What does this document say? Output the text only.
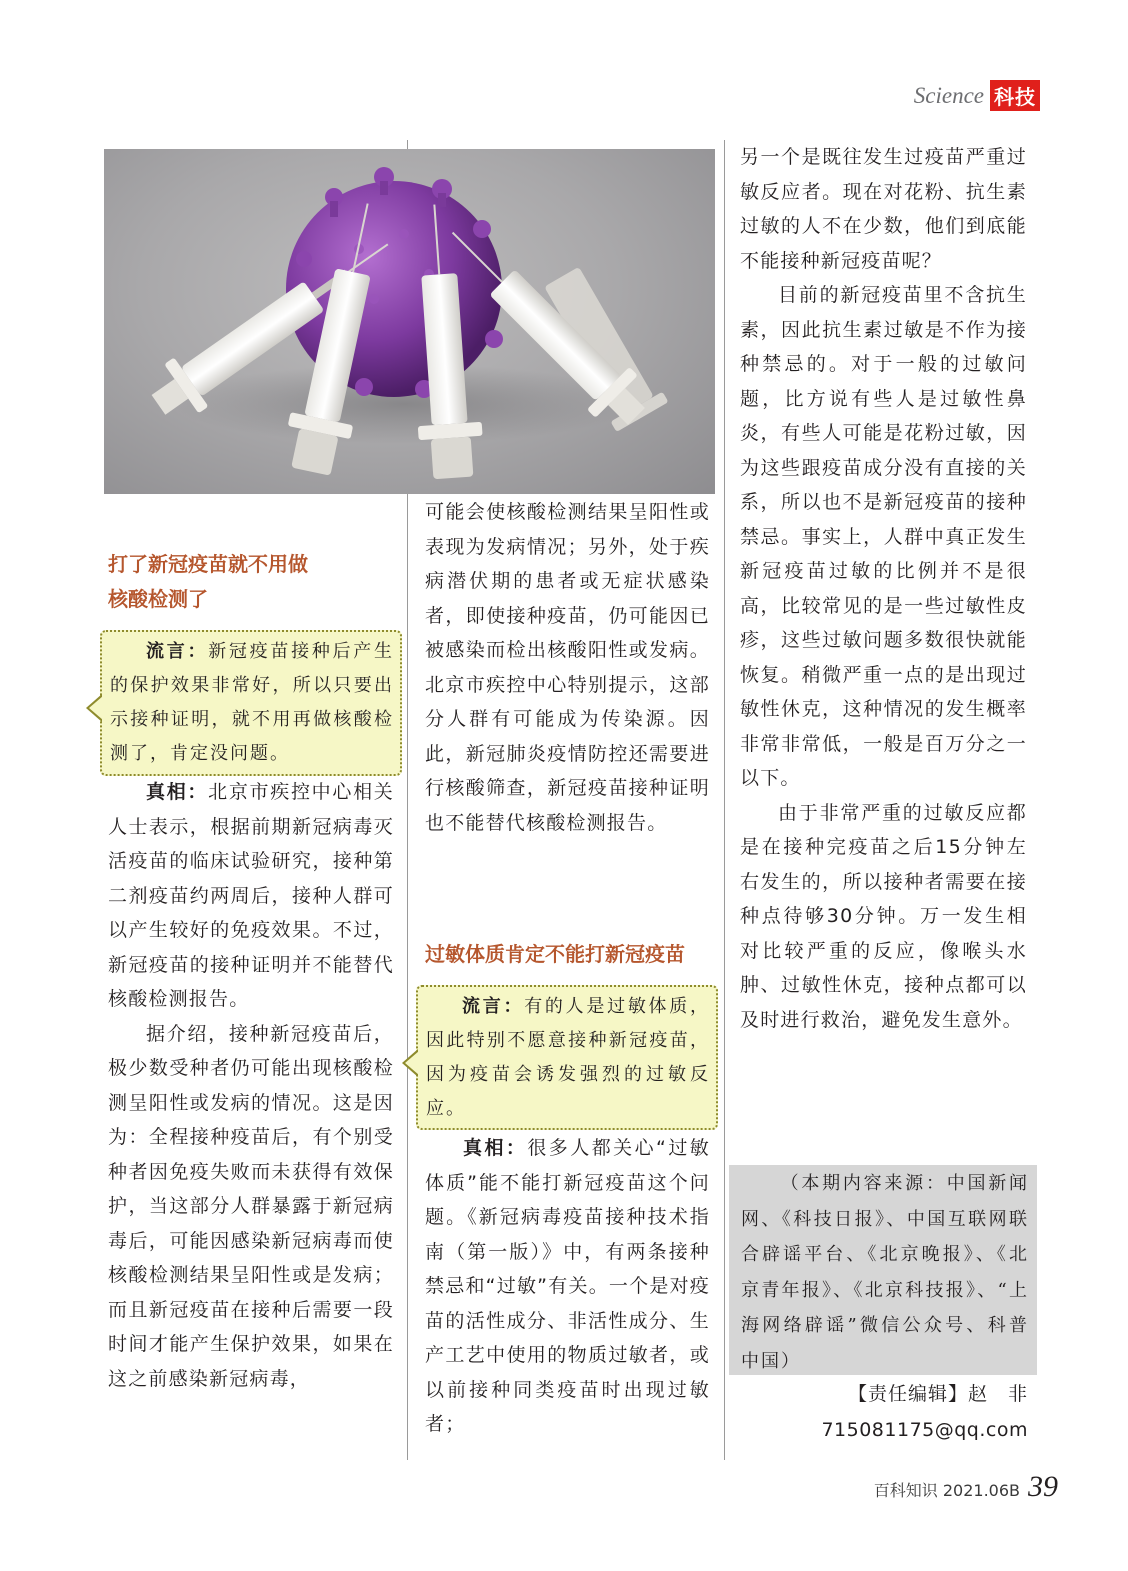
Science 科技
打了新冠疫苗就不用做
核酸检测了

流言：新冠疫苗接种后产生的保护效果非常好，所以只要出示接种证明，就不用再做核酸检测了，肯定没问题。

真相：北京市疾控中心相关人士表示，根据前期新冠病毒灭活疫苗的临床试验研究，接种第二剂疫苗约两周后，接种人群可以产生较好的免疫效果。不过，新冠疫苗的接种证明并不能替代核酸检测报告。

据介绍，接种新冠疫苗后，极少数受种者仍可能出现核酸检测呈阳性或发病的情况。这是因为：全程接种疫苗后，有个别受种者因免疫失败而未获得有效保护，当这部分人群暴露于新冠病毒后，可能因感染新冠病毒而使核酸检测结果呈阳性或是发病；而且新冠疫苗在接种后需要一段时间才能产生保护效果，如果在这之前感染新冠病毒，

可能会使核酸检测结果呈阳性或表现为发病情况；另外，处于疾病潜伏期的患者或无症状感染者，即使接种疫苗，仍可能因已被感染而检出核酸阳性或发病。北京市疾控中心特别提示，这部分人群有可能成为传染源。因此，新冠肺炎疫情防控还需要进行核酸筛查，新冠疫苗接种证明也不能替代核酸检测报告。

过敏体质肯定不能打新冠疫苗

流言：有的人是过敏体质，因此特别不愿意接种新冠疫苗，因为疫苗会诱发强烈的过敏反应。

真相：很多人都关心“过敏体质”能不能打新冠疫苗这个问题。《新冠病毒疫苗接种技术指南（第一版）》中，有两条接种禁忌和“过敏”有关。一个是对疫苗的活性成分、非活性成分、生产工艺中使用的物质过敏者，或以前接种同类疫苗时出现过敏者；

另一个是既往发生过疫苗严重过敏反应者。现在对花粉、抗生素过敏的人不在少数，他们到底能不能接种新冠疫苗呢？

目前的新冠疫苗里不含抗生素，因此抗生素过敏是不作为接种禁忌的。对于一般的过敏问题，比方说有些人是过敏性鼻炎，有些人可能是花粉过敏，因为这些跟疫苗成分没有直接的关系，所以也不是新冠疫苗的接种禁忌。事实上，人群中真正发生新冠疫苗过敏的比例并不是很高，比较常见的是一些过敏性皮疹，这些过敏问题多数很快就能恢复。稍微严重一点的是出现过敏性休克，这种情况的发生概率非常非常低，一般是百万分之一以下。

由于非常严重的过敏反应都是在接种完疫苗之后15分钟左右发生的，所以接种者需要在接种点待够30分钟。万一发生相对比较严重的反应，像喉头水肿、过敏性休克，接种点都可以及时进行救治，避免发生意外。

（本期内容来源：中国新闻网、《科技日报》、中国互联网联合辟谣平台、《北京晚报》、《北京青年报》、《北京科技报》、“上海网络辟谣”微信公众号、科普中国）

【责任编辑】赵　非
715081175@qq.com
百科知识 2021.06B 39
